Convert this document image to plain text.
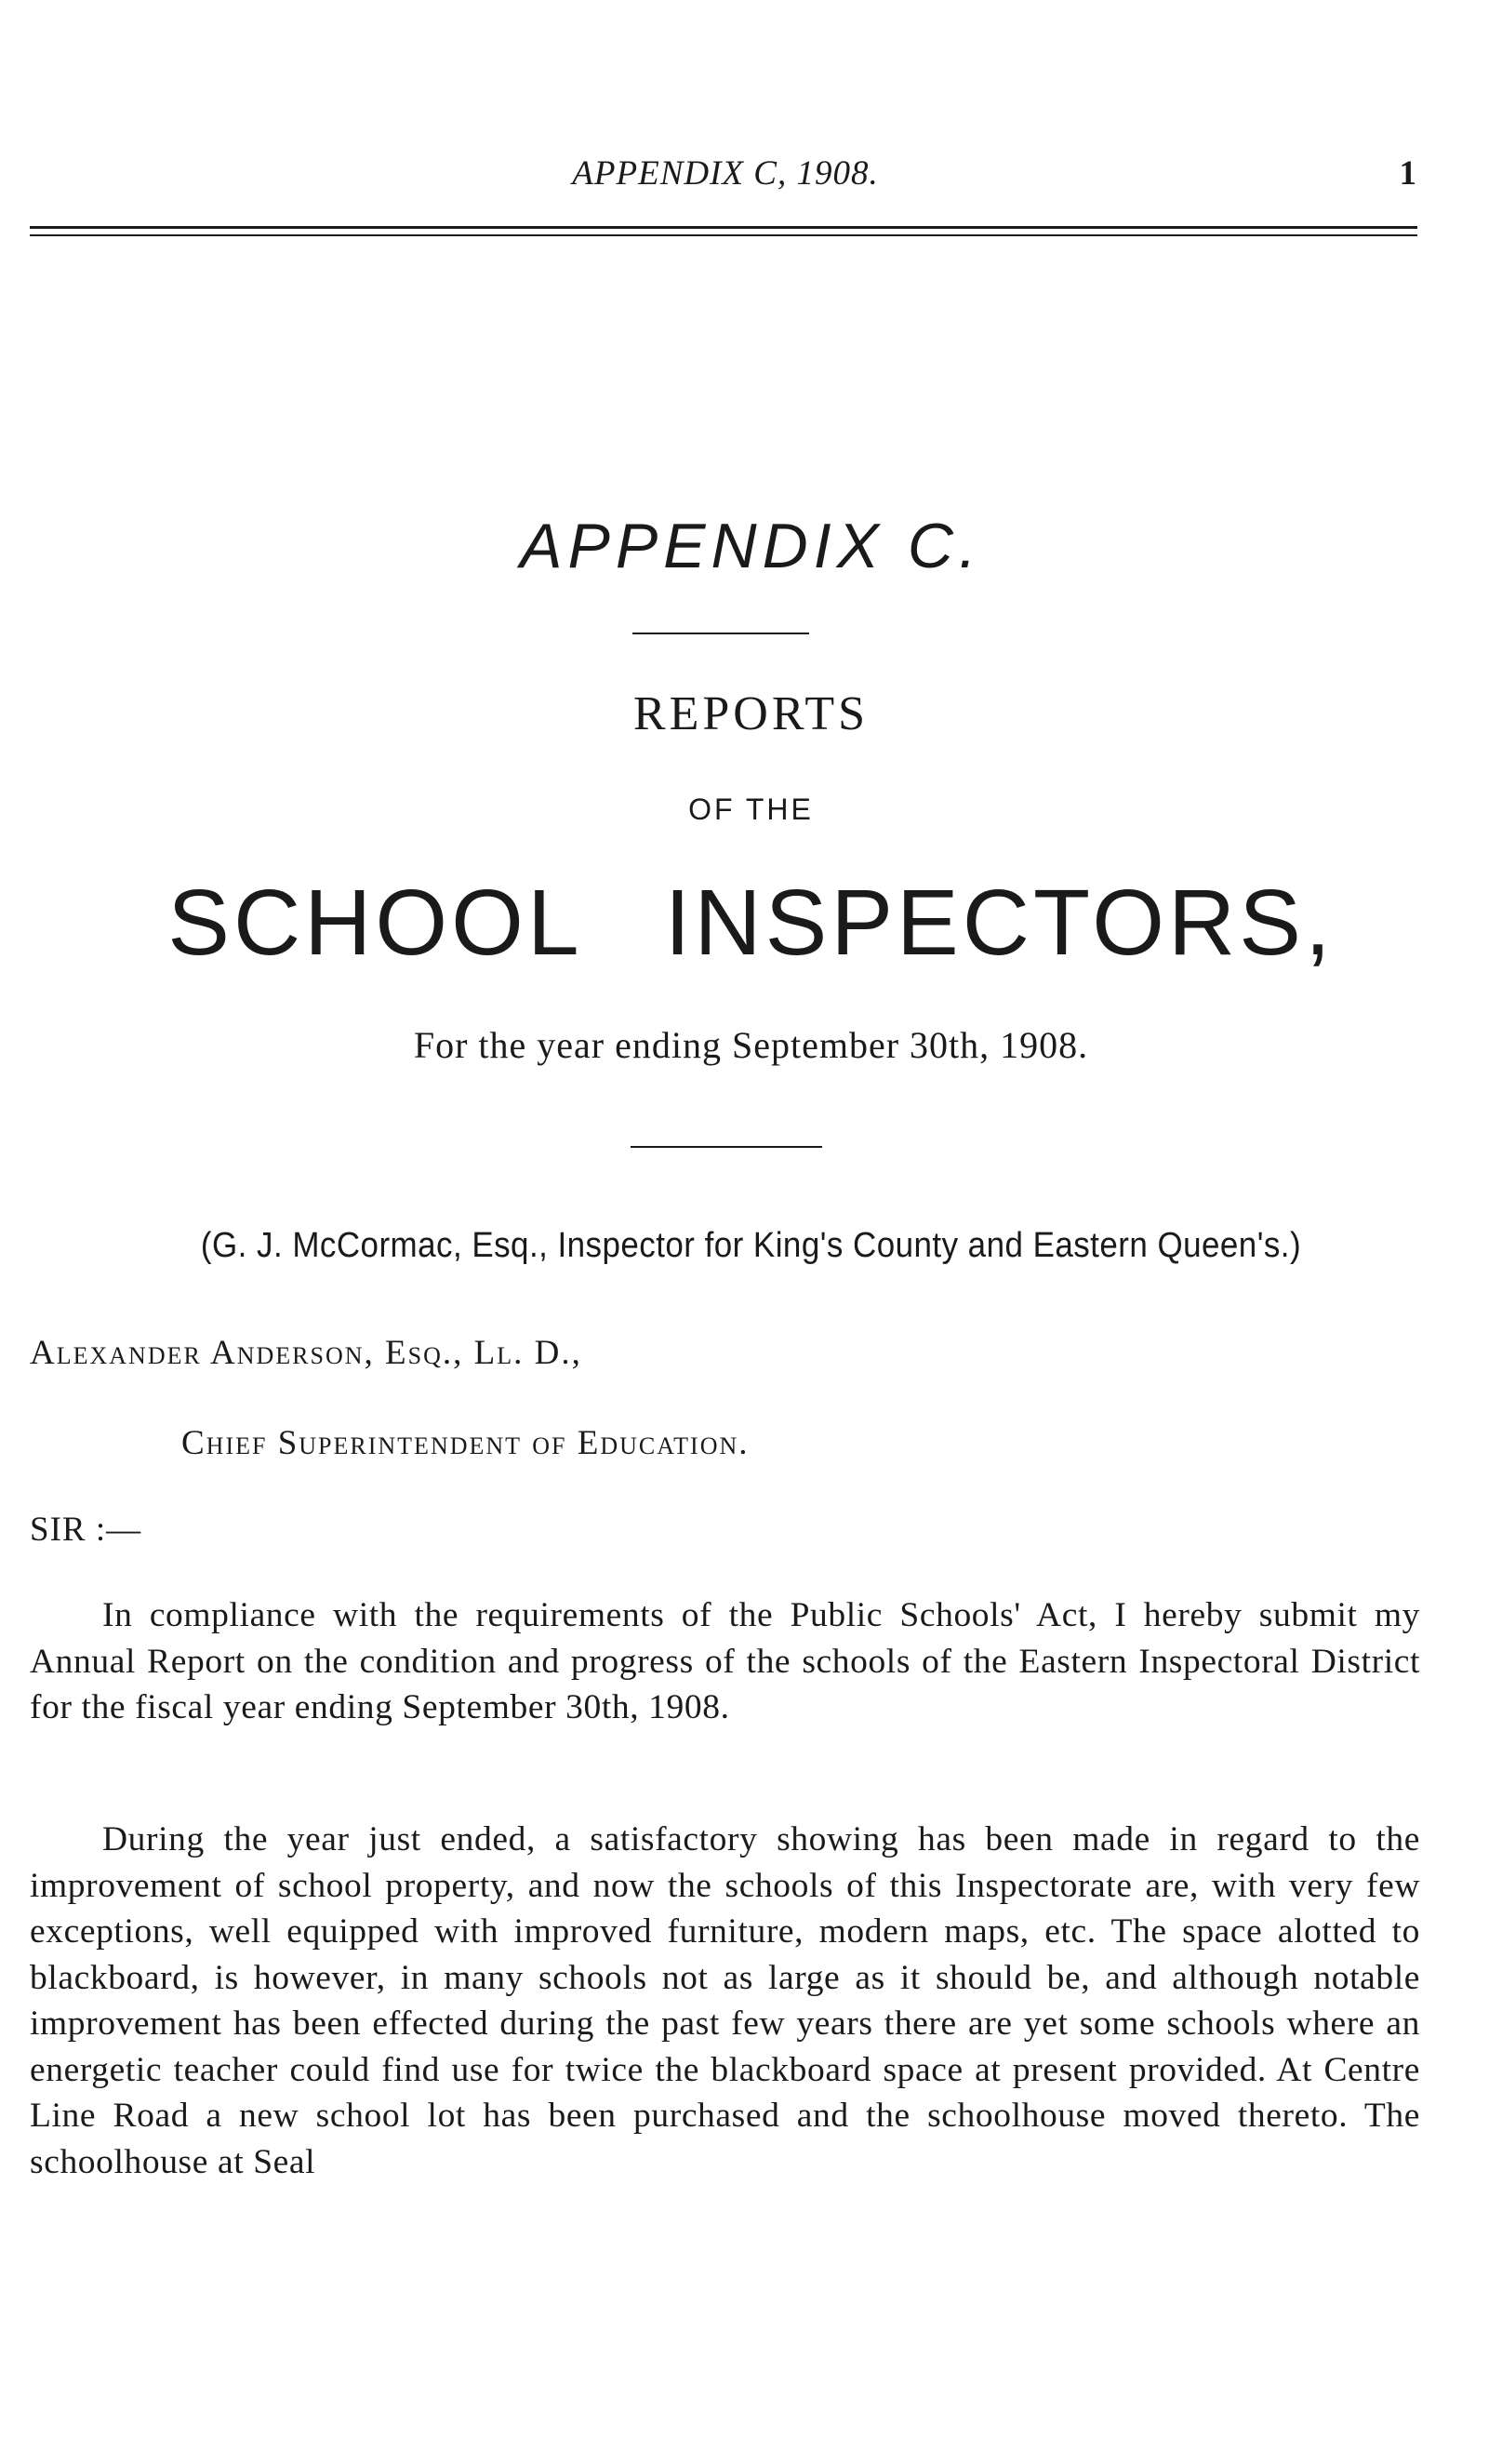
APPENDIX C, 1908.	1
APPENDIX C.
REPORTS
OF THE
SCHOOL INSPECTORS,
For the year ending September 30th, 1908.
(G. J. McCormac, Esq., Inspector for King's County and Eastern Queen's.)
Alexander Anderson, Esq., Ll. D.,
Chief Superintendent of Education.
SIR :—

In compliance with the requirements of the Public Schools' Act, I hereby submit my Annual Report on the condition and progress of the schools of the Eastern Inspectoral District for the fiscal year ending September 30th, 1908.

During the year just ended, a satisfactory showing has been made in regard to the improvement of school property, and now the schools of this Inspectorate are, with very few exceptions, well equipped with improved furniture, modern maps, etc. The space alotted to blackboard, is however, in many schools not as large as it should be, and although notable improvement has been effected during the past few years there are yet some schools where an energetic teacher could find use for twice the blackboard space at present provided. At Centre Line Road a new school lot has been purchased and the schoolhouse moved thereto. The schoolhouse at Seal
